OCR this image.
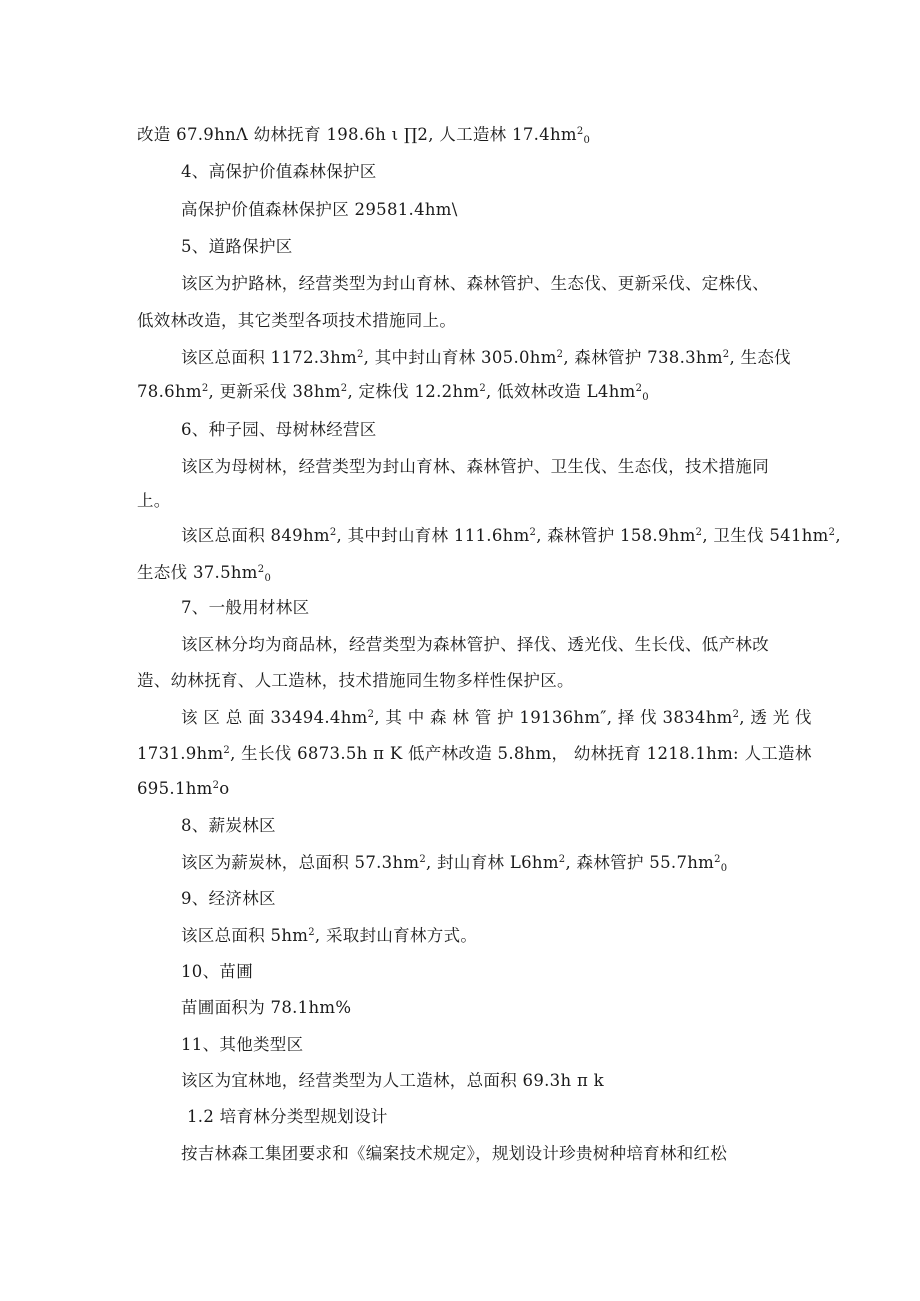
改造 67.9hnΛ 幼林抚育 198.6h ι ∏2, 人工造林 $17.4hm^2_0$
4、高保护价值森林保护区
高保护价值森林保护区 29581.4hm\
5、道路保护区
该区为护路林，经营类型为封山育林、森林管护、生态伐、更新采伐、定株伐、
低效林改造，其它类型各项技术措施同上。
该区总面积 $1172.3hm^2$, 其中封山育林 $305.0hm^2$, 森林管护 $738.3hm^2$, 生态伐
$78.6hm^2$, 更新采伐 $38hm^2$, 定株伐 $12.2hm^2$, 低效林改造 $L4hm^2_0$
6、种子园、母树林经营区
该区为母树林，经营类型为封山育林、森林管护、卫生伐、生态伐，技术措施同
上。
该区总面积 $849hm^2$, 其中封山育林 $111.6hm^2$, 森林管护 $158.9hm^2$, 卫生伐 $541hm^2$,
生态伐 $37.5hm^2_0$
7、一般用材林区
该区林分均为商品林，经营类型为森林管护、择伐、透光伐、生长伐、低产林改
造、幼林抚育、人工造林，技术措施同生物多样性保护区。
该 区 总 面 $33494.4hm^2$, 其 中 森 林 管 护 19136hm″, 择 伐 $3834hm^2$, 透 光 伐
$1731.9hm^2$, 生长伐 6873.5h π K 低产林改造 5.8hm， 幼林抚育 1218.1hm: 人工造林
$695.1hm^2o$
8、薪炭林区
该区为薪炭林，总面积 $57.3hm^2$, 封山育林 $L6hm^2$, 森林管护 $55.7hm^2_0$
9、经济林区
该区总面积 $5hm^2$, 采取封山育林方式。
10、苗圃
苗圃面积为 78.1hm%
11、其他类型区
该区为宜林地，经营类型为人工造林，总面积 69.3h π k
1.2 培育林分类型规划设计
按吉林森工集团要求和《编案技术规定》，规划设计珍贵树种培育林和红松
